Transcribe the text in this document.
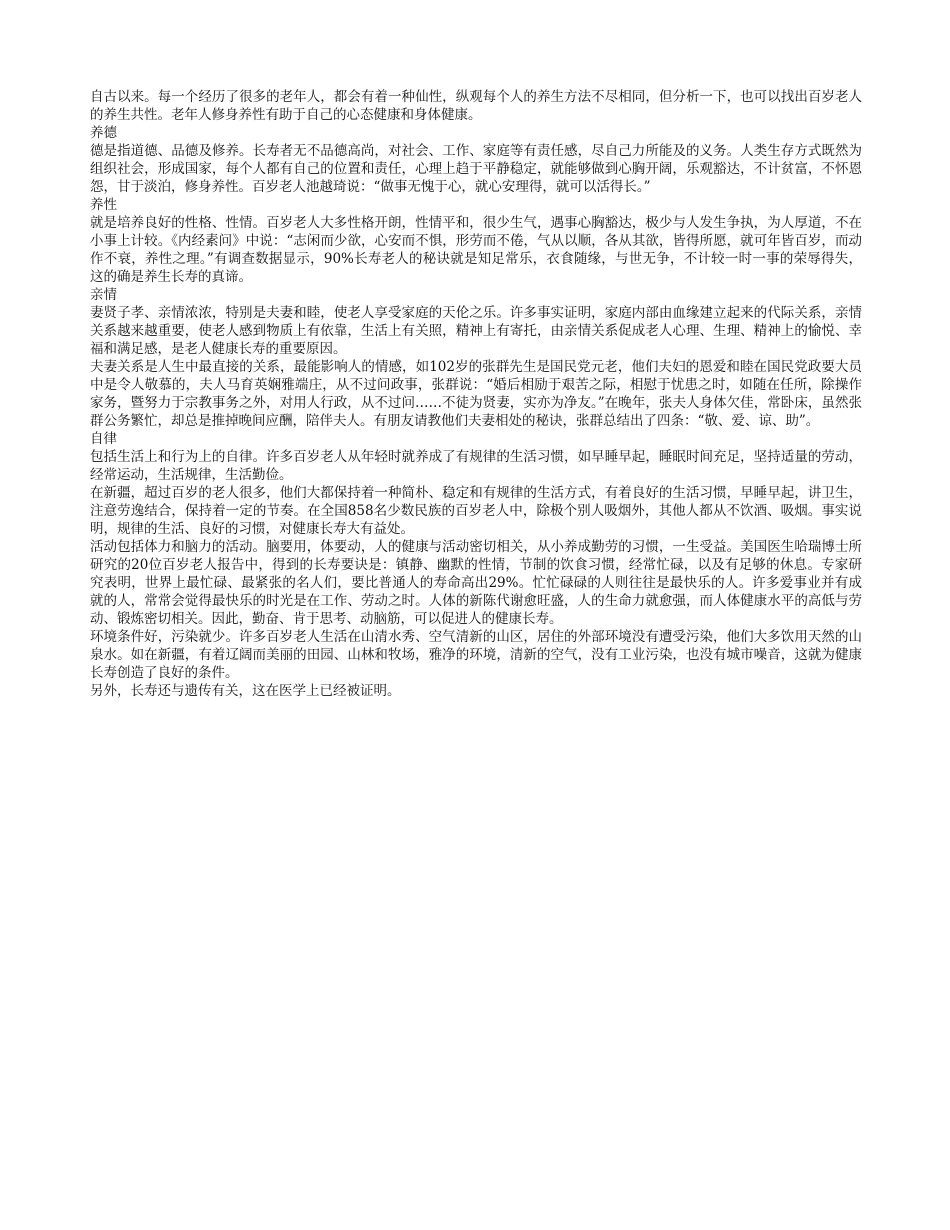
自古以来。每一个经历了很多的老年人，都会有着一种仙性，纵观每个人的养生方法不尽相同，但分析一下，也可以找出百岁老人的养生共性。老年人修身养性有助于自己的心态健康和身体健康。

养德

德是指道德、品德及修养。长寿者无不品德高尚，对社会、工作、家庭等有责任感，尽自己力所能及的义务。人类生存方式既然为组织社会，形成国家，每个人都有自己的位置和责任，心理上趋于平静稳定，就能够做到心胸开阔，乐观豁达，不计贫富，不怀恩怨，甘于淡泊，修身养性。百岁老人池越琦说：“做事无愧于心，就心安理得，就可以活得长。”

养性

就是培养良好的性格、性情。百岁老人大多性格开朗，性情平和，很少生气，遇事心胸豁达，极少与人发生争执，为人厚道，不在小事上计较。《内经素问》中说：“志闲而少欲，心安而不惧，形劳而不倦，气从以顺，各从其欲，皆得所愿，就可年皆百岁，而动作不衰，养性之理。”有调查数据显示，90%长寿老人的秘诀就是知足常乐，衣食随缘，与世无争，不计较一时一事的荣辱得失，这的确是养生长寿的真谛。

亲情

妻贤子孝、亲情浓浓，特别是夫妻和睦，使老人享受家庭的天伦之乐。许多事实证明，家庭内部由血缘建立起来的代际关系，亲情关系越来越重要，使老人感到物质上有依靠，生活上有关照，精神上有寄托，由亲情关系促成老人心理、生理、精神上的愉悦、幸福和满足感，是老人健康长寿的重要原因。

夫妻关系是人生中最直接的关系，最能影响人的情感，如102岁的张群先生是国民党元老，他们夫妇的恩爱和睦在国民党政要大员中是令人敬慕的，夫人马育英娴雅端庄，从不过问政事，张群说：“婚后相励于艰苦之际，相慰于忧患之时，如随在任所，除操作家务，暨努力于宗教事务之外，对用人行政，从不过问……不徒为贤妻，实亦为净友。”在晚年，张夫人身体欠佳，常卧床，虽然张群公务繁忙，却总是推掉晚间应酬，陪伴夫人。有朋友请教他们夫妻相处的秘诀，张群总结出了四条：“敬、爱、谅、助”。

自律

包括生活上和行为上的自律。许多百岁老人从年轻时就养成了有规律的生活习惯，如早睡早起，睡眠时间充足，坚持适量的劳动，经常运动，生活规律，生活勤俭。

在新疆，超过百岁的老人很多，他们大都保持着一种简朴、稳定和有规律的生活方式，有着良好的生活习惯，早睡早起，讲卫生，注意劳逸结合，保持着一定的节奏。在全国858名少数民族的百岁老人中，除极个别人吸烟外，其他人都从不饮酒、吸烟。事实说明，规律的生活、良好的习惯，对健康长寿大有益处。

活动包括体力和脑力的活动。脑要用，体要动，人的健康与活动密切相关，从小养成勤劳的习惯，一生受益。美国医生哈瑞博士所研究的20位百岁老人报告中，得到的长寿要诀是：镇静、幽默的性情，节制的饮食习惯，经常忙碌，以及有足够的休息。专家研究表明，世界上最忙碌、最紧张的名人们，要比普通人的寿命高出29%。忙忙碌碌的人则往往是最快乐的人。许多爱事业并有成就的人，常常会觉得最快乐的时光是在工作、劳动之时。人体的新陈代谢愈旺盛，人的生命力就愈强，而人体健康水平的高低与劳动、锻炼密切相关。因此，勤奋、肯于思考、动脑筋，可以促进人的健康长寿。

环境条件好，污染就少。许多百岁老人生活在山清水秀、空气清新的山区，居住的外部环境没有遭受污染，他们大多饮用天然的山泉水。如在新疆，有着辽阔而美丽的田园、山林和牧场，雅净的环境，清新的空气，没有工业污染，也没有城市噪音，这就为健康长寿创造了良好的条件。

另外，长寿还与遗传有关，这在医学上已经被证明。
